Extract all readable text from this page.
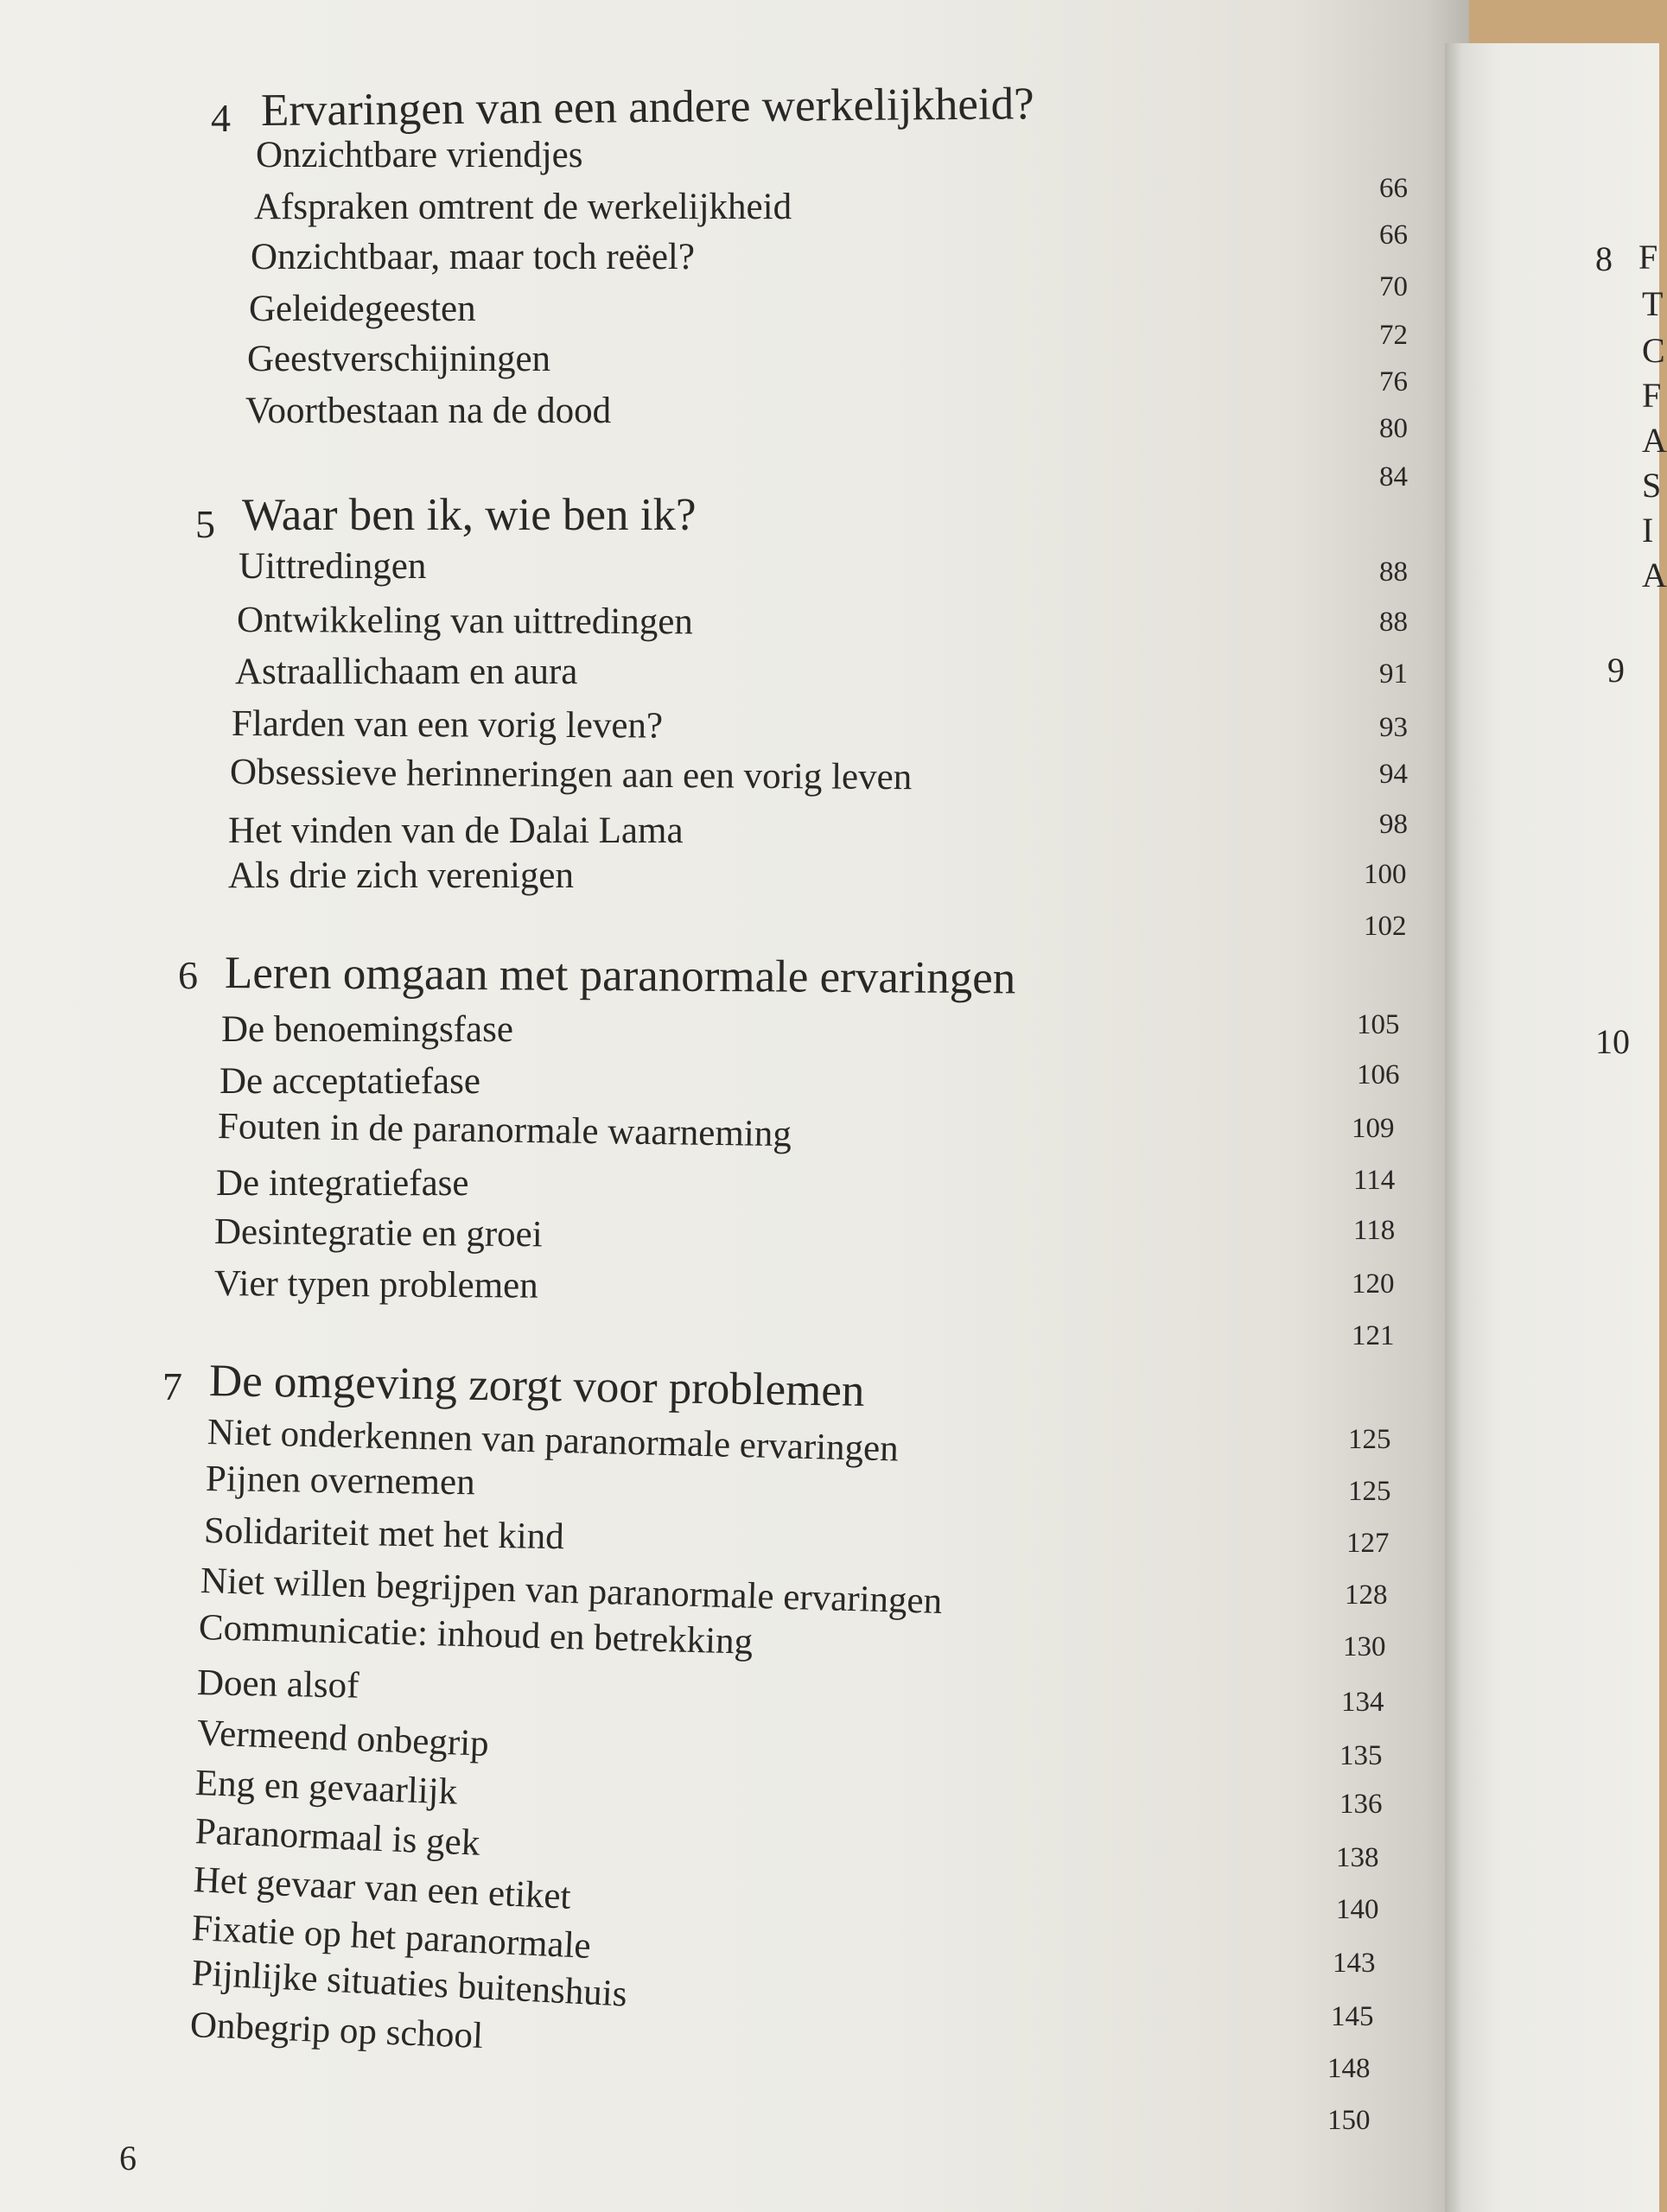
4 Ervaringen van een andere werkelijkheid?
66
Onzichtbare vriendjes
66
Afspraken omtrent de werkelijkheid
70
Onzichtbaar, maar toch reëel?
72
Geleidegeesten
76
Geestverschijningen
80
Voortbestaan na de dood
84
5 Waar ben ik, wie ben ik?
88
Uittredingen
88
Ontwikkeling van uittredingen
91
Astraallichaam en aura
93
Flarden van een vorig leven?
94
Obsessieve herinneringen aan een vorig leven
98
Het vinden van de Dalai Lama
100
Als drie zich verenigen
102
6 Leren omgaan met paranormale ervaringen
105
De benoemingsfase
106
De acceptatiefase
109
Fouten in de paranormale waarneming
114
De integratiefase
118
Desintegratie en groei
120
Vier typen problemen
121
7 De omgeving zorgt voor problemen
125
Niet onderkennen van paranormale ervaringen
125
Pijnen overnemen
127
Solidariteit met het kind
128
Niet willen begrijpen van paranormale ervaringen
130
Communicatie: inhoud en betrekking
134
Doen alsof
135
Vermeend onbegrip
136
Eng en gevaarlijk
138
Paranormaal is gek
140
Het gevaar van een etiket
143
Fixatie op het paranormale
145
Pijnlijke situaties buitenshuis
148
Onbegrip op school
150
6
8
9
10
F
T
C
F
A
S
I
A
